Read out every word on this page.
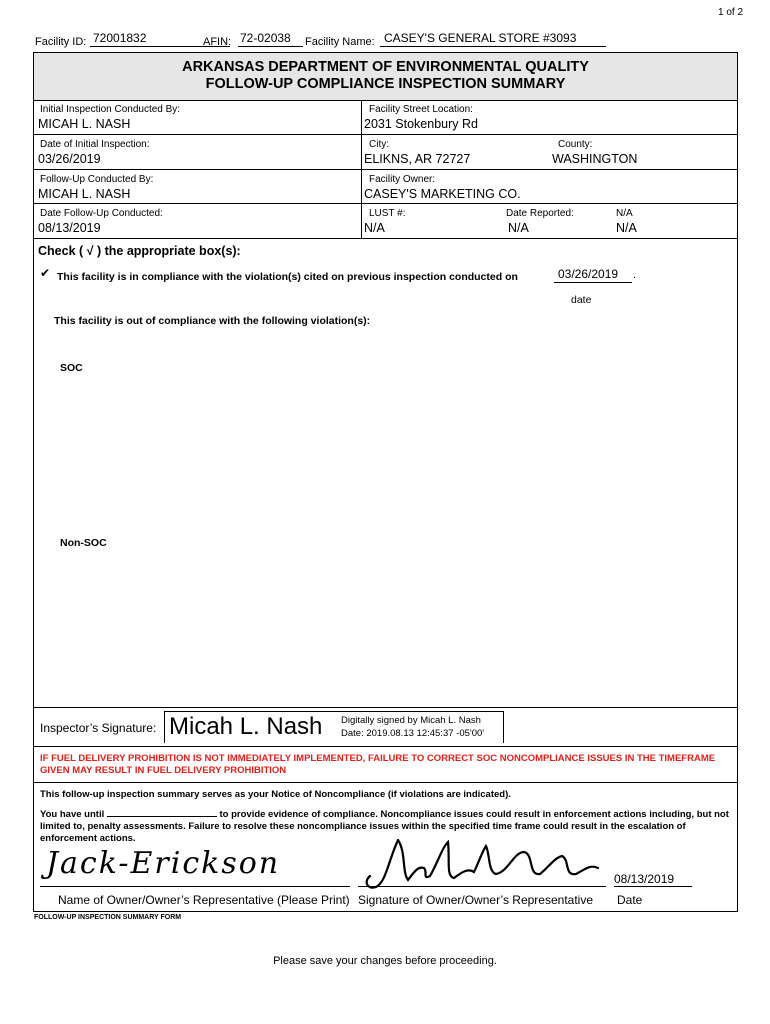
1 of 2
Facility ID: 72001832	AFIN: 72-02038 Facility Name: CASEY'S GENERAL STORE #3093
ARKANSAS DEPARTMENT OF ENVIRONMENTAL QUALITY
FOLLOW-UP COMPLIANCE INSPECTION SUMMARY
Initial Inspection Conducted By:
MICAH L. NASH
Facility Street Location:
2031 Stokenbury Rd
Date of Initial Inspection:
03/26/2019
City:
ELIKNS, AR 72727
County:
WASHINGTON
Follow-Up Conducted By:
MICAH L. NASH
Facility Owner:
CASEY'S MARKETING CO.
Date Follow-Up Conducted:
08/13/2019
LUST #:
N/A
Date Reported:
N/A
N/A
N/A
Check ( √ ) the appropriate box(s):
✔ This facility is in compliance with the violation(s) cited on previous inspection conducted on	03/26/2019 .
date
This facility is out of compliance with the following violation(s):
SOC
Non-SOC
Inspector’s Signature: Micah L. Nash Digitally signed by Micah L. Nash
Date: 2019.08.13 12:45:37 -05'00'
IF FUEL DELIVERY PROHIBITION IS NOT IMMEDIATELY IMPLEMENTED, FAILURE TO CORRECT SOC NONCOMPLIANCE ISSUES IN THE TIMEFRAME GIVEN MAY RESULT IN FUEL DELIVERY PROHIBITION
This follow-up inspection summary serves as your Notice of Noncompliance (if violations are indicated).
You have until	to provide evidence of compliance. Noncompliance issues could result in enforcement actions including, but not limited to, penalty assessments. Failure to resolve these noncompliance issues within the specified time frame could result in the escalation of enforcement actions.
Jack-Erickson	08/13/2019
Name of Owner/Owner’s Representative (Please Print) Signature of Owner/Owner’s Representative Date
FOLLOW-UP INSPECTION SUMMARY FORM
Please save your changes before proceeding.
